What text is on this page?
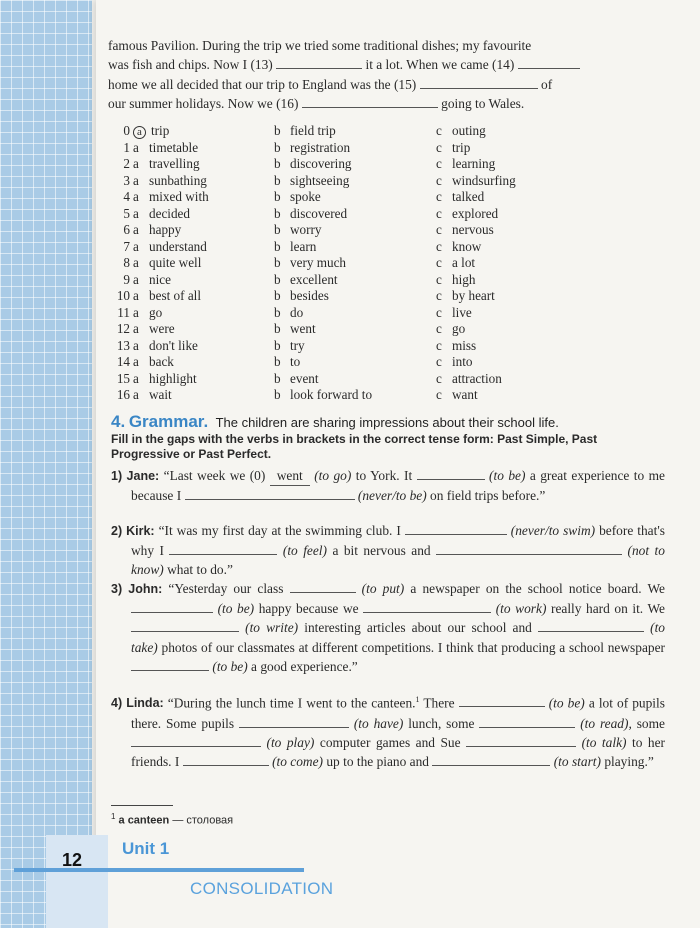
famous Pavilion. During the trip we tried some traditional dishes; my favourite
was fish and chips. Now I (13)	it a lot. When we came (14)
home we all decided that our trip to England was the (15)	of
our summer holidays. Now we (16)	going to Wales.
0 a trip	b field trip	c outing
1 a timetable	b registration	c trip
2 a travelling	b discovering	c learning
3 a sunbathing	b sightseeing	c windsurfing
4 a mixed with	b spoke	c talked
5 a decided	b discovered	c explored
6 a happy	b worry	c nervous
7 a understand	b learn	c know
8 a quite well	b very much	c a lot
9 a nice	b excellent	c high
10 a best of all	b besides	c by heart
11 a go	b do	c live
12 a were	b went	c go
13 a don't like	b try	c miss
14 a back	b to	c into
15 a highlight	b event	c attraction
16 a wait	b look forward to	c want
4. Grammar. The children are sharing impressions about their school life.
Fill in the gaps with the verbs in brackets in the correct tense form: Past Simple, Past Progressive or Past Perfect.
1) Jane: “Last week we (0) went (to go) to York. It	(to be) a great experience to me because I	(never/to be) on field trips before.”
2) Kirk: “It was my first day at the swimming club. I	(never/to swim) before that's why I	(to feel) a bit nervous and	(not to know) what to do.”
3) John: “Yesterday our class	(to put) a newspaper on the school notice board. We  (to be) happy because we	(to work) really hard on it. We  (to write) interesting articles about our school and	(to take) photos of our classmates at different competitions. I think that producing a school newspaper  (to be) a good experience.”
4) Linda: “During the lunch time I went to the canteen.$^1$ There	(to be) a lot of pupils there. Some pupils	(to have) lunch, some	(to read), some  (to play) computer games and Sue	(to talk) to her friends. I	(to come) up to the piano and	(to start) playing.”
$^1$ a canteen — столовая
12
Unit 1
CONSOLIDATION
